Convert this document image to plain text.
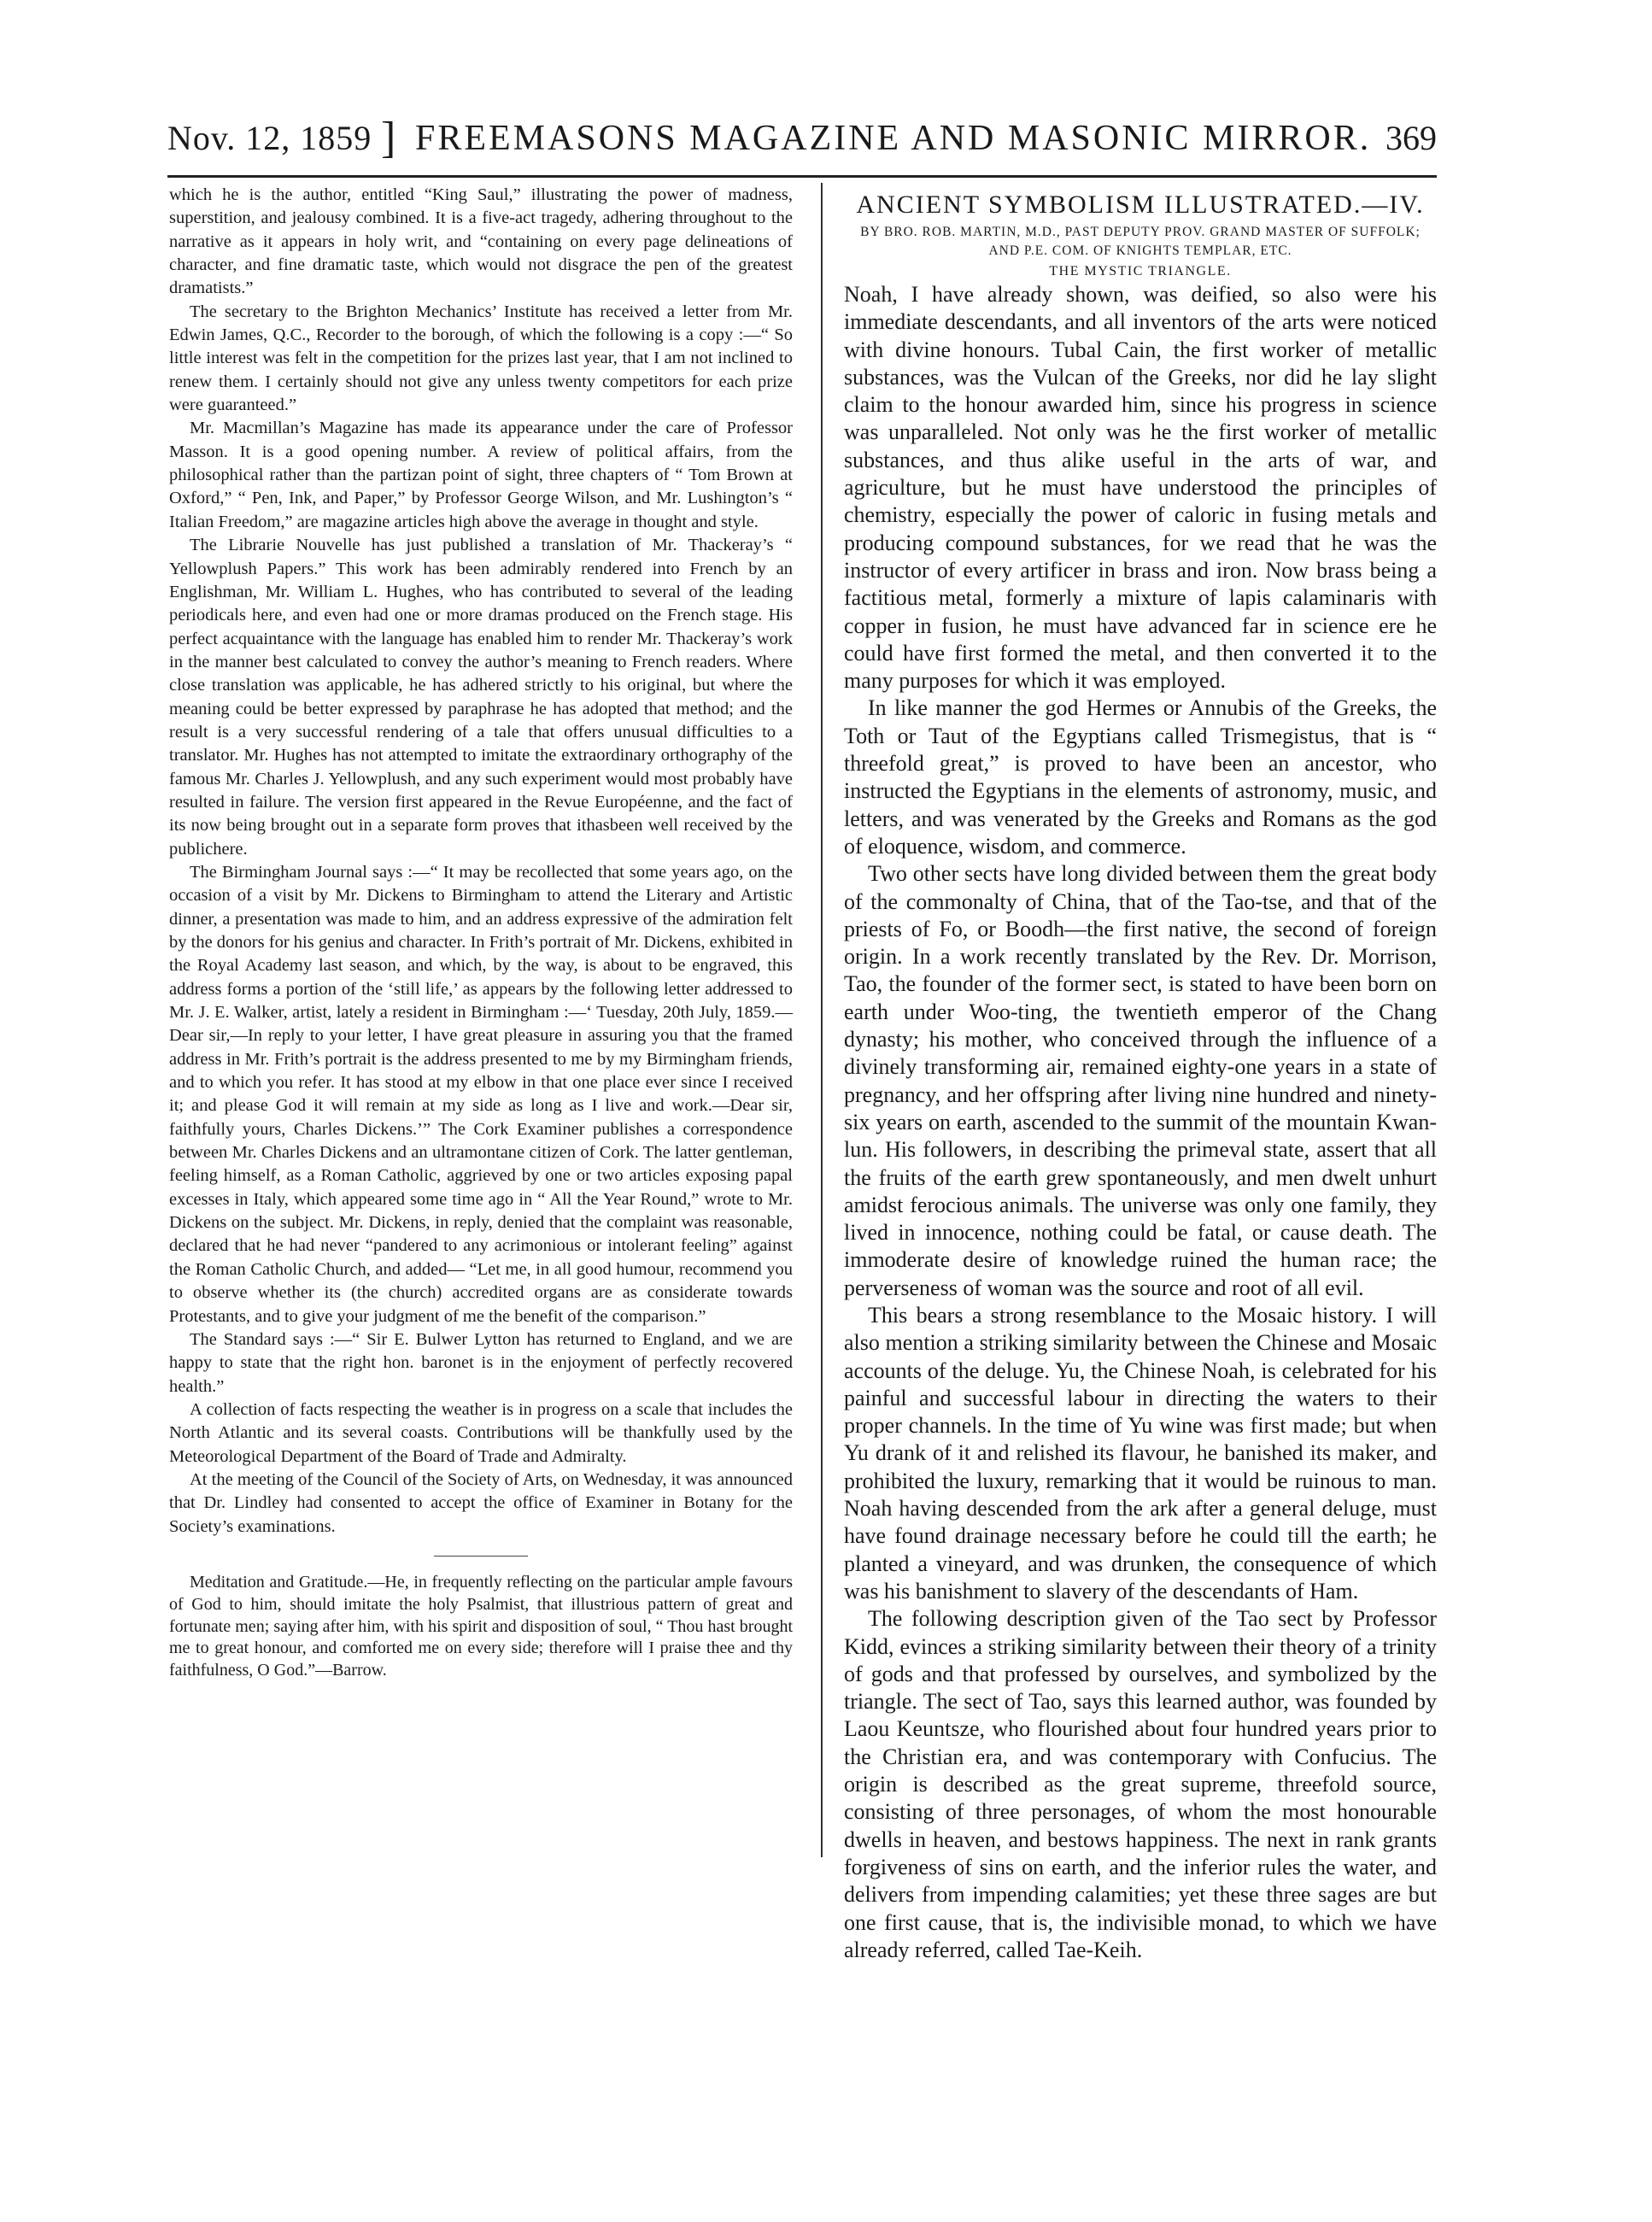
Nov. 12, 1859 ] FREEMASONS MAGAZINE AND MASONIC MIRROR. 369

which he is the author, entitled “King Saul,” illustrating the power of madness, superstition, and jealousy combined. It is a five-act tragedy, adhering throughout to the narrative as it appears in holy writ, and “containing on every page delineations of character, and fine dramatic taste, which would not disgrace the pen of the greatest dramatists.”

The secretary to the Brighton Mechanics’ Institute has received a letter from Mr. Edwin James, Q.C., Recorder to the borough, of which the following is a copy :—“ So little interest was felt in the competition for the prizes last year, that I am not inclined to renew them. I certainly should not give any unless twenty competitors for each prize were guaranteed.”

Mr. Macmillan’s Magazine has made its appearance under the care of Professor Masson. It is a good opening number. A review of political affairs, from the philosophical rather than the partizan point of sight, three chapters of “ Tom Brown at Oxford,” “ Pen, Ink, and Paper,” by Professor George Wilson, and Mr. Lushington’s “ Italian Freedom,” are magazine articles high above the average in thought and style.

The Librarie Nouvelle has just published a translation of Mr. Thackeray’s “ Yellowplush Papers.” This work has been admirably rendered into French by an Englishman, Mr. William L. Hughes, who has contributed to several of the leading periodicals here, and even had one or more dramas produced on the French stage. His perfect acquaintance with the language has enabled him to render Mr. Thackeray’s work in the manner best calculated to convey the author’s meaning to French readers. Where close translation was applicable, he has adhered strictly to his original, but where the meaning could be better expressed by paraphrase he has adopted that method; and the result is a very successful rendering of a tale that offers unusual difficulties to a translator. Mr. Hughes has not attempted to imitate the extraordinary orthography of the famous Mr. Charles J. Yellowplush, and any such experiment would most probably have resulted in failure. The version first appeared in the Revue Européenne, and the fact of its now being brought out in a separate form proves that ithasbeen well received by the publichere.

The Birmingham Journal says :—“ It may be recollected that some years ago, on the occasion of a visit by Mr. Dickens to Birmingham to attend the Literary and Artistic dinner, a presentation was made to him, and an address expressive of the admiration felt by the donors for his genius and character. In Frith’s portrait of Mr. Dickens, exhibited in the Royal Academy last season, and which, by the way, is about to be engraved, this address forms a portion of the ‘still life,’ as appears by the following letter addressed to Mr. J. E. Walker, artist, lately a resident in Birmingham :—‘ Tuesday, 20th July, 1859.—Dear sir,—In reply to your letter, I have great pleasure in assuring you that the framed address in Mr. Frith’s portrait is the address presented to me by my Birmingham friends, and to which you refer. It has stood at my elbow in that one place ever since I received it; and please God it will remain at my side as long as I live and work.—Dear sir, faithfully yours, Charles Dickens.’” The Cork Examiner publishes a correspondence between Mr. Charles Dickens and an ultramontane citizen of Cork. The latter gentleman, feeling himself, as a Roman Catholic, aggrieved by one or two articles exposing papal excesses in Italy, which appeared some time ago in “ All the Year Round,” wrote to Mr. Dickens on the subject. Mr. Dickens, in reply, denied that the complaint was reasonable, declared that he had never “pandered to any acrimonious or intolerant feeling” against the Roman Catholic Church, and added— “Let me, in all good humour, recommend you to observe whether its (the church) accredited organs are as considerate towards Protestants, and to give your judgment of me the benefit of the comparison.”

The Standard says :—“ Sir E. Bulwer Lytton has returned to England, and we are happy to state that the right hon. baronet is in the enjoyment of perfectly recovered health.”

A collection of facts respecting the weather is in progress on a scale that includes the North Atlantic and its several coasts. Contributions will be thankfully used by the Meteorological Department of the Board of Trade and Admiralty.

At the meeting of the Council of the Society of Arts, on Wednesday, it was announced that Dr. Lindley had consented to accept the office of Examiner in Botany for the Society’s examinations.

Meditation and Gratitude.—He, in frequently reflecting on the particular ample favours of God to him, should imitate the holy Psalmist, that illustrious pattern of great and fortunate men; saying after him, with his spirit and disposition of soul, “ Thou hast brought me to great honour, and comforted me on every side; therefore will I praise thee and thy faithfulness, O God.”—Barrow.

ANCIENT SYMBOLISM ILLUSTRATED.—IV.
BY BRO. ROB. MARTIN, M.D., PAST DEPUTY PROV. GRAND MASTER OF SUFFOLK; AND P.E. COM. OF KNIGHTS TEMPLAR, ETC.
THE MYSTIC TRIANGLE.

Noah, I have already shown, was deified, so also were his immediate descendants, and all inventors of the arts were noticed with divine honours. Tubal Cain, the first worker of metallic substances, was the Vulcan of the Greeks, nor did he lay slight claim to the honour awarded him, since his progress in science was unparalleled. Not only was he the first worker of metallic substances, and thus alike useful in the arts of war, and agriculture, but he must have understood the principles of chemistry, especially the power of caloric in fusing metals and producing compound substances, for we read that he was the instructor of every artificer in brass and iron. Now brass being a factitious metal, formerly a mixture of lapis calaminaris with copper in fusion, he must have advanced far in science ere he could have first formed the metal, and then converted it to the many purposes for which it was employed.

In like manner the god Hermes or Annubis of the Greeks, the Toth or Taut of the Egyptians called Trismegistus, that is “ threefold great,” is proved to have been an ancestor, who instructed the Egyptians in the elements of astronomy, music, and letters, and was venerated by the Greeks and Romans as the god of eloquence, wisdom, and commerce.

Two other sects have long divided between them the great body of the commonalty of China, that of the Tao-tse, and that of the priests of Fo, or Boodh—the first native, the second of foreign origin. In a work recently translated by the Rev. Dr. Morrison, Tao, the founder of the former sect, is stated to have been born on earth under Woo-ting, the twentieth emperor of the Chang dynasty; his mother, who conceived through the influence of a divinely transforming air, remained eighty-one years in a state of pregnancy, and her offspring after living nine hundred and ninety-six years on earth, ascended to the summit of the mountain Kwan-lun. His followers, in describing the primeval state, assert that all the fruits of the earth grew spontaneously, and men dwelt unhurt amidst ferocious animals. The universe was only one family, they lived in innocence, nothing could be fatal, or cause death. The immoderate desire of knowledge ruined the human race; the perverseness of woman was the source and root of all evil.

This bears a strong resemblance to the Mosaic history. I will also mention a striking similarity between the Chinese and Mosaic accounts of the deluge. Yu, the Chinese Noah, is celebrated for his painful and successful labour in directing the waters to their proper channels. In the time of Yu wine was first made; but when Yu drank of it and relished its flavour, he banished its maker, and prohibited the luxury, remarking that it would be ruinous to man. Noah having descended from the ark after a general deluge, must have found drainage necessary before he could till the earth; he planted a vineyard, and was drunken, the consequence of which was his banishment to slavery of the descendants of Ham.

The following description given of the Tao sect by Professor Kidd, evinces a striking similarity between their theory of a trinity of gods and that professed by ourselves, and symbolized by the triangle. The sect of Tao, says this learned author, was founded by Laou Keuntsze, who flourished about four hundred years prior to the Christian era, and was contemporary with Confucius. The origin is described as the great supreme, threefold source, consisting of three personages, of whom the most honourable dwells in heaven, and bestows happiness. The next in rank grants forgiveness of sins on earth, and the inferior rules the water, and delivers from impending calamities; yet these three sages are but one first cause, that is, the indivisible monad, to which we have already referred, called Tae-Keih.
